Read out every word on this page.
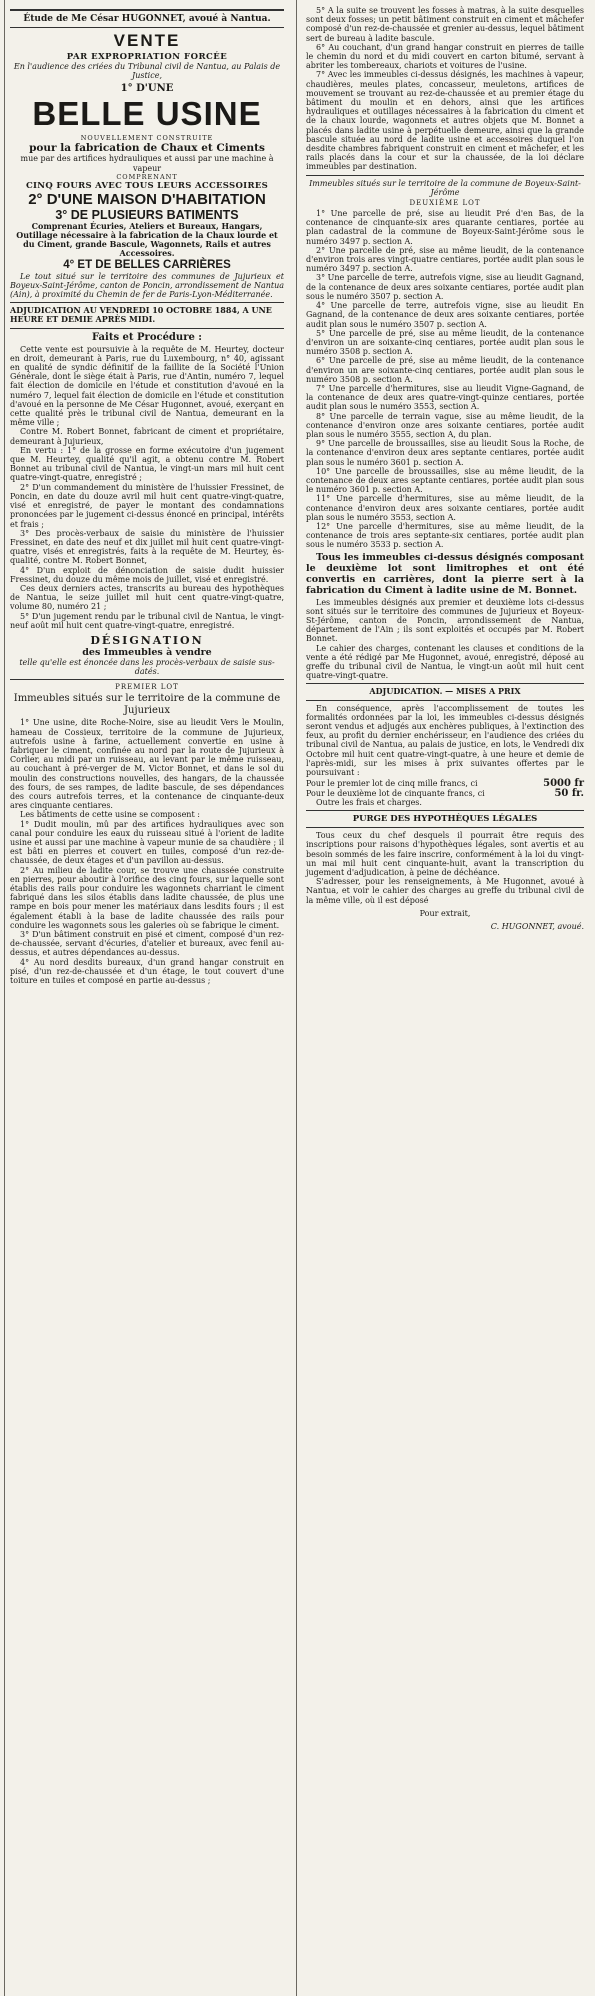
Étude de Me César HUGONNET, avoué à Nantua.

VENTE

PAR EXPROPRIATION FORCÉE

En l'audience des criées du Tribunal civil de Nantua, au Palais de Justice,

1° D'UNE

BELLE USINE

NOUVELLEMENT CONSTRUITE

pour la fabrication de Chaux et Ciments

mue par des artifices hydrauliques et aussi par une machine à vapeur

COMPRENANT

CINQ FOURS AVEC TOUS LEURS ACCESSOIRES

2° D'UNE MAISON D'HABITATION

3° DE PLUSIEURS BATIMENTS

Comprenant Écuries, Ateliers et Bureaux, Hangars, Outillage nécessaire à la fabrication de la Chaux lourde et du Ciment, grande Bascule, Wagonnets, Rails et autres Accessoires.

4° ET DE BELLES CARRIÈRES

Le tout situé sur le territoire des communes de Jujurieux et Boyeux-Saint-Jérôme, canton de Poncin, arrondissement de Nantua (Ain), à proximité du Chemin de fer de Paris-Lyon-Méditerranée.

ADJUDICATION AU VENDREDI 10 OCTOBRE 1884, A UNE HEURE ET DEMIE APRÈS MIDI.

Faits et Procédure :

Cette vente est poursuivie à la requête de M. Heurtey, docteur en droit, demeurant à Paris, rue du Luxembourg, n° 40, agissant en qualité de syndic définitif de la faillite de la Société l'Union Générale, dont le siège était à Paris, rue d'Antin, numéro 7, lequel fait élection de domicile en l'étude et constitution d'avoué en la numéro 7, lequel fait élection de domicile en l'étude et constitution d'avoué en la personne de Me César Hugonnet, avoué, exerçant en cette qualité près le tribunal civil de Nantua, demeurant en la même ville ;

Contre M. Robert Bonnet, fabricant de ciment et propriétaire, demeurant à Jujurieux,

En vertu : 1° de la grosse en forme exécutoire d'un jugement que M. Heurtey, qualité qu'il agit, a obtenu contre M. Robert Bonnet au tribunal civil de Nantua, le vingt-un mars mil huit cent quatre-vingt-quatre, enregistré ;

2° D'un commandement du ministère de l'huissier Fressinet, de Poncin, en date du douze avril mil huit cent quatre-vingt-quatre, visé et enregistré, de payer le montant des condamnations prononcées par le jugement ci-dessus énoncé en principal, intérêts et frais ;

3° Des procès-verbaux de saisie du ministère de l'huissier Fressinet, en date des neuf et dix juillet mil huit cent quatre-vingt-quatre, visés et enregistrés, faits à la requête de M. Heurtey, ès-qualité, contre M. Robert Bonnet,

4° D'un exploit de dénonciation de saisie dudit huissier Fressinet, du douze du même mois de juillet, visé et enregistré.

Ces deux derniers actes, transcrits au bureau des hypothèques de Nantua, le seize juillet mil huit cent quatre-vingt-quatre, volume 80, numéro 21 ;

5° D'un jugement rendu par le tribunal civil de Nantua, le vingt-neuf août mil huit cent quatre-vingt-quatre, enregistré.

DÉSIGNATION

des Immeubles à vendre

telle qu'elle est énoncée dans les procès-verbaux de saisie sus-datés.

PREMIER LOT

Immeubles situés sur le territoire de la commune de Jujurieux

1° Une usine, dite Roche-Noire, sise au lieudit Vers le Moulin, hameau de Cossieux, territoire de la commune de Jujurieux, autrefois usine à farine, actuellement convertie en usine à fabriquer le ciment, confinée au nord par la route de Jujurieux à Corlier, au midi par un ruisseau, au levant par le même ruisseau, au couchant à pré-verger de M. Victor Bonnet, et dans le sol du moulin des constructions nouvelles, des hangars, de la chaussée des fours, de ses rampes, de ladite bascule, de ses dépendances des cours autrefois terres, et la contenance de cinquante-deux ares cinquante centiares.

Les bâtiments de cette usine se composent :

1° Dudit moulin, mû par des artifices hydrauliques avec son canal pour conduire les eaux du ruisseau situé à l'orient de ladite usine et aussi par une machine à vapeur munie de sa chaudière ; il est bâti en pierres et couvert en tuiles, composé d'un rez-de-chaussée, de deux étages et d'un pavillon au-dessus.

2° Au milieu de ladite cour, se trouve une chaussée construite en pierres, pour aboutir à l'orifice des cinq fours, sur laquelle sont établis des rails pour conduire les wagonnets charriant le ciment fabriqué dans les silos établis dans ladite chaussée, de plus une rampe en bois pour mener les matériaux dans lesdits fours ; il est également établi à la base de ladite chaussée des rails pour conduire les wagonnets sous les galeries où se fabrique le ciment.

3° D'un bâtiment construit en pisé et ciment, composé d'un rez-de-chaussée, servant d'écuries, d'atelier et bureaux, avec fenil au-dessus, et autres dépendances au-dessus.

4° Au nord desdits bureaux, d'un grand hangar construit en pisé, d'un rez-de-chaussée et d'un étage, le tout couvert d'une toiture en tuiles et composé en partie au-dessus ;

5° A la suite se trouvent les fosses à matras, à la suite desquelles sont deux fosses; un petit bâtiment construit en ciment et mâchefer composé d'un rez-de-chaussée et grenier au-dessus, lequel bâtiment sert de bureau à ladite bascule.

6° Au couchant, d'un grand hangar construit en pierres de taille le chemin du nord et du midi couvert en carton bitumé, servant à abriter les tombereaux, chariots et voitures de l'usine.

7° Avec les immeubles ci-dessus désignés, les machines à vapeur, chaudières, meules plates, concasseur, meuletons, artifices de mouvement se trouvant au rez-de-chaussée et au premier étage du bâtiment du moulin et en dehors, ainsi que les artifices hydrauliques et outillages nécessaires à la fabrication du ciment et de la chaux lourde, wagonnets et autres objets que M. Bonnet a placés dans ladite usine à perpétuelle demeure, ainsi que la grande bascule située au nord de ladite usine et accessoires duquel l'on desdite chambres fabriquent construit en ciment et mâchefer, et les rails placés dans la cour et sur la chaussée, de la loi déclare immeubles par destination.

Immeubles situés sur le territoire de la commune de Boyeux-Saint-Jérôme

DEUXIÈME LOT

1° Une parcelle de pré, sise au lieudit Pré d'en Bas, de la contenance de cinquante-six ares quarante centiares, portée au plan cadastral de la commune de Boyeux-Saint-Jérôme sous le numéro 3497 p. section A.

2° Une parcelle de pré, sise au même lieudit, de la contenance d'environ trois ares vingt-quatre centiares, portée audit plan sous le numéro 3497 p. section A.

3° Une parcelle de terre, autrefois vigne, sise au lieudit Gagnand, de la contenance de deux ares soixante centiares, portée audit plan sous le numéro 3507 p. section A.

4° Une parcelle de terre, autrefois vigne, sise au lieudit En Gagnand, de la contenance de deux ares soixante centiares, portée audit plan sous le numéro 3507 p. section A.

5° Une parcelle de pré, sise au même lieudit, de la contenance d'environ un are soixante-cinq centiares, portée audit plan sous le numéro 3508 p. section A.

6° Une parcelle de pré, sise au même lieudit, de la contenance d'environ un are soixante-cinq centiares, portée audit plan sous le numéro 3508 p. section A.

7° Une parcelle d'hermitures, sise au lieudit Vigne-Gagnand, de la contenance de deux ares quatre-vingt-quinze centiares, portée audit plan sous le numéro 3553, section A.

8° Une parcelle de terrain vague, sise au même lieudit, de la contenance d'environ onze ares soixante centiares, portée audit plan sous le numéro 3555, section A, du plan.

9° Une parcelle de broussailles, sise au lieudit Sous la Roche, de la contenance d'environ deux ares septante centiares, portée audit plan sous le numéro 3601 p. section A.

10° Une parcelle de broussailles, sise au même lieudit, de la contenance de deux ares septante centiares, portée audit plan sous le numéro 3601 p. section A.

11° Une parcelle d'hermitures, sise au même lieudit, de la contenance d'environ deux ares soixante centiares, portée audit plan sous le numéro 3553, section A.

12° Une parcelle d'hermitures, sise au même lieudit, de la contenance de trois ares septante-six centiares, portée audit plan sous le numéro 3533 p. section A.

Tous les immeubles ci-dessus désignés composant le deuxième lot sont limitrophes et ont été convertis en carrières, dont la pierre sert à la fabrication du Ciment à ladite usine de M. Bonnet.

Les immeubles désignés aux premier et deuxième lots ci-dessus sont situés sur le territoire des communes de Jujurieux et Boyeux-St-Jérôme, canton de Poncin, arrondissement de Nantua, département de l'Ain ; ils sont exploités et occupés par M. Robert Bonnet.

Le cahier des charges, contenant les clauses et conditions de la vente a été rédigé par Me Hugonnet, avoué, enregistré, déposé au greffe du tribunal civil de Nantua, le vingt-un août mil huit cent quatre-vingt-quatre.

ADJUDICATION. — MISES A PRIX

En conséquence, après l'accomplissement de toutes les formalités ordonnées par la loi, les immeubles ci-dessus désignés seront vendus et adjugés aux enchères publiques, à l'extinction des feux, au profit du dernier enchérisseur, en l'audience des criées du tribunal civil de Nantua, au palais de justice, en lots, le Vendredi dix Octobre mil huit cent quatre-vingt-quatre, à une heure et demie de l'après-midi, sur les mises à prix suivantes offertes par le poursuivant :

Pour le premier lot de cinq mille francs, ci	5000 fr
Pour le deuxième lot de cinquante francs, ci	50 fr.

Outre les frais et charges.

PURGE DES HYPOTHÈQUES LÉGALES

Tous ceux du chef desquels il pourrait être requis des inscriptions pour raisons d'hypothèques légales, sont avertis et au besoin sommés de les faire inscrire, conformément à la loi du vingt-un mai mil huit cent cinquante-huit, avant la transcription du jugement d'adjudication, à peine de déchéance.

S'adresser, pour les renseignements, à Me Hugonnet, avoué à Nantua, et voir le cahier des charges au greffe du tribunal civil de la même ville, où il est déposé

Pour extrait,

C. HUGONNET, avoué.
